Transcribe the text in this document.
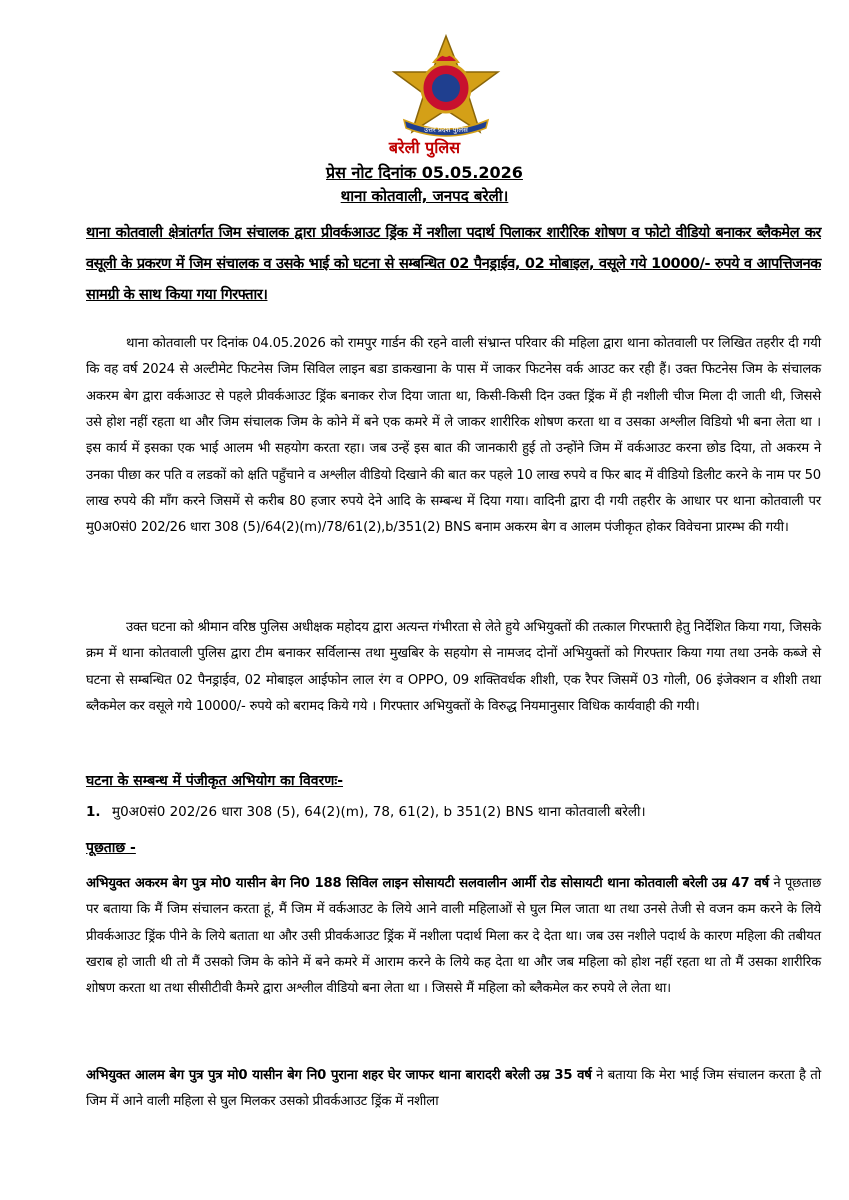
उत्तर प्रदेश पुलिस
बरेली पुलिस
प्रेस नोट दिनांक 05.05.2026
थाना कोतवाली, जनपद बरेली।
थाना कोतवाली क्षेत्रांतर्गत जिम संचालक द्वारा प्रीवर्कआउट ड्रिंक में नशीला पदार्थ पिलाकर शारीरिक शोषण व फोटो वीडियो बनाकर ब्लैकमेल कर वसूली के प्रकरण में जिम संचालक व उसके भाई को घटना से सम्बन्धित 02 पैनड्राईव, 02 मोबाइल, वसूले गये 10000/- रुपये व आपत्तिजनक सामग्री के साथ किया गया गिरफ्तार।

थाना कोतवाली पर दिनांक 04.05.2026 को रामपुर गार्डन की रहने वाली संभ्रान्त परिवार की महिला द्वारा थाना कोतवाली पर लिखित तहरीर दी गयी कि वह वर्ष 2024 से अल्टीमेट फिटनेस जिम सिविल लाइन बडा डाकखाना के पास में जाकर फिटनेस वर्क आउट कर रही हैं। उक्त फिटनेस जिम के संचालक अकरम बेग द्वारा वर्कआउट से पहले प्रीवर्कआउट ड्रिंक बनाकर रोज दिया जाता था, किसी-किसी दिन उक्त ड्रिंक में ही नशीली चीज मिला दी जाती थी, जिससे उसे होश नहीं रहता था और जिम संचालक जिम के कोने में बने एक कमरे में ले जाकर शारीरिक शोषण करता था व उसका अश्लील विडियो भी बना लेता था । इस कार्य में इसका एक भाई आलम भी सहयोग करता रहा। जब उन्हें इस बात की जानकारी हुई तो उन्होंने जिम में वर्कआउट करना छोड दिया, तो अकरम ने उनका पीछा कर पति व लडकों को क्षति पहुँचाने व अश्लील वीडियो दिखाने की बात कर पहले 10 लाख रुपये व फिर बाद में वीडियो डिलीट करने के नाम पर 50 लाख रुपये की माँग करने जिसमें से करीब 80 हजार रुपये देने आदि के सम्बन्ध में दिया गया। वादिनी द्वारा दी गयी तहरीर के आधार पर थाना कोतवाली पर मु0अ0सं0 202/26 धारा 308 (5)/64(2)(m)/78/61(2),b/351(2) BNS बनाम अकरम बेग व आलम पंजीकृत होकर विवेचना प्रारम्भ की गयी।

उक्त घटना को श्रीमान वरिष्ठ पुलिस अधीक्षक महोदय द्वारा अत्यन्त गंभीरता से लेते हुये अभियुक्तों की तत्काल गिरफ्तारी हेतु निर्देशित किया गया, जिसके क्रम में थाना कोतवाली पुलिस द्वारा टीम बनाकर सर्विलान्स तथा मुखबिर के सहयोग से नामजद दोनों अभियुक्तों को गिरफ्तार किया गया तथा उनके कब्जे से घटना से सम्बन्धित 02 पैनड्राईव, 02 मोबाइल आईफोन लाल रंग व OPPO, 09 शक्तिवर्धक शीशी, एक रैपर जिसमें 03 गोली, 06 इंजेक्शन व शीशी तथा ब्लैकमेल कर वसूले गये 10000/- रुपये को बरामद किये गये । गिरफ्तार अभियुक्तों के विरुद्ध नियमानुसार विधिक कार्यवाही की गयी।

घटना के सम्बन्ध में पंजीकृत अभियोग का विवरणः-
1. मु0अ0सं0 202/26 धारा 308 (5), 64(2)(m), 78, 61(2), b 351(2) BNS थाना कोतवाली बरेली।
पूछताछ -

अभियुक्त अकरम बेग पुत्र मो0 यासीन बेग नि0 188 सिविल लाइन सोसायटी सलवालीन आर्मी रोड सोसायटी थाना कोतवाली बरेली उम्र 47 वर्ष ने पूछताछ पर बताया कि मैं जिम संचालन करता हूं, मैं जिम में वर्कआउट के लिये आने वाली महिलाओं से घुल मिल जाता था तथा उनसे तेजी से वजन कम करने के लिये प्रीवर्कआउट ड्रिंक पीने के लिये बताता था और उसी प्रीवर्कआउट ड्रिंक में नशीला पदार्थ मिला कर दे देता था। जब उस नशीले पदार्थ के कारण महिला की तबीयत खराब हो जाती थी तो मैं उसको जिम के कोने में बने कमरे में आराम करने के लिये कह देता था और जब महिला को होश नहीं रहता था तो मैं उसका शारीरिक शोषण करता था तथा सीसीटीवी कैमरे द्वारा अश्लील वीडियो बना लेता था । जिससे मैं महिला को ब्लैकमेल कर रुपये ले लेता था।

अभियुक्त आलम बेग पुत्र पुत्र मो0 यासीन बेग नि0 पुराना शहर घेर जाफर थाना बारादरी बरेली उम्र 35 वर्ष ने बताया कि मेरा भाई जिम संचालन करता है तो जिम में आने वाली महिला से घुल मिलकर उसको प्रीवर्कआउट ड्रिंक में नशीला
